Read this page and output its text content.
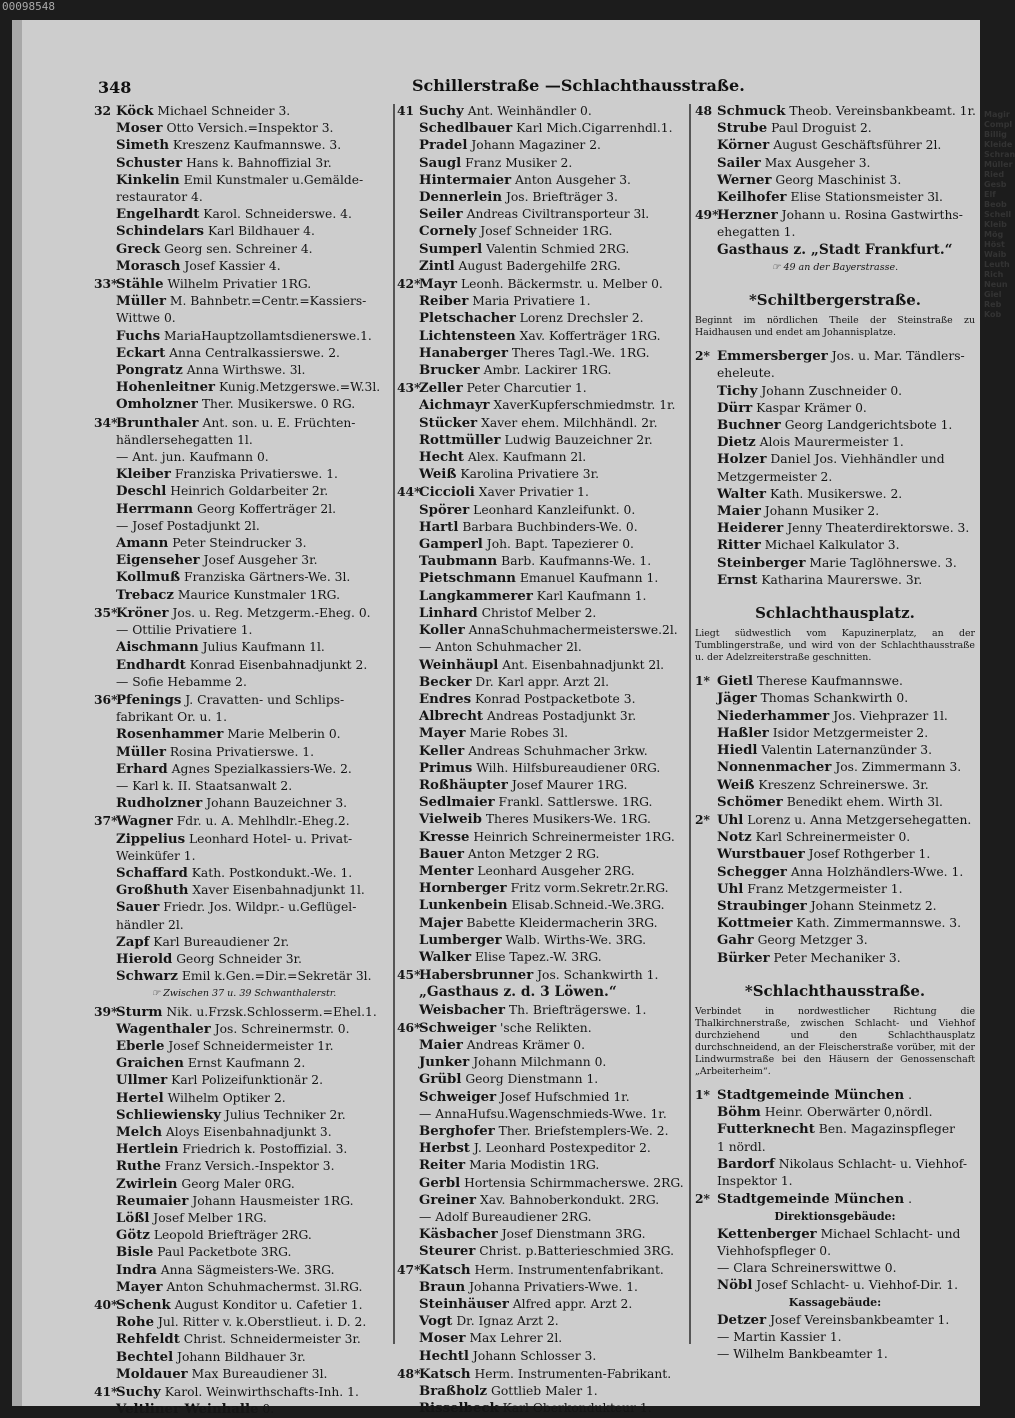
00098548
348	Schillerstraße —Schlachthausstraße.
32 Köck Michael Schneider 3.
Moser Otto Versich.=Inspektor 3.
Simeth Kreszenz Kaufmannswe. 3.
Schuster Hans k. Bahnoffizial 3r.
Kinkelin Emil Kunstmaler u.Gemälde-
restaurator 4.
Engelhardt Karol. Schneiderswe. 4.
Schindelars Karl Bildhauer 4.
Greck Georg sen. Schreiner 4.
Morasch Josef Kassier 4.
33*Stähle Wilhelm Privatier 1RG.
Müller M. Bahnbetr.=Centr.=Kassiers-
Wittwe 0.
Fuchs MariaHauptzollamtsdienerswe.1.
Eckart Anna Centralkassierswe. 2.
Pongratz Anna Wirthswe. 3l.
Hohenleitner Kunig.Metzgerswe.=W.3l.
Omholzner Ther. Musikerswe. 0 RG.
34*Brunthaler Ant. son. u. E. Früchten-
händlersehegatten 1l.
— Ant. jun. Kaufmann 0.
Kleiber Franziska Privatierswe. 1.
Deschl Heinrich Goldarbeiter 2r.
Herrmann Georg Kofferträger 2l.
— Josef Postadjunkt 2l.
Amann Peter Steindrucker 3.
Eigenseher Josef Ausgeher 3r.
Kollmuß Franziska Gärtners-We. 3l.
Trebacz Maurice Kunstmaler 1RG.
35*Kröner Jos. u. Reg. Metzgerm.-Eheg. 0.
— Ottilie Privatiere 1.
Aischmann Julius Kaufmann 1l.
Endhardt Konrad Eisenbahnadjunkt 2.
— Sofie Hebamme 2.
36*Pfenings J. Cravatten- und Schlips-
fabrikant Or. u. 1.
Rosenhammer Marie Melberin 0.
Müller Rosina Privatierswe. 1.
Erhard Agnes Spezialkassiers-We. 2.
— Karl k. II. Staatsanwalt 2.
Rudholzner Johann Bauzeichner 3.
37*Wagner Fdr. u. A. Mehlhdlr.-Eheg.2.
Zippelius Leonhard Hotel- u. Privat-
Weinküfer 1.
Schaffard Kath. Postkondukt.-We. 1.
Großhuth Xaver Eisenbahnadjunkt 1l.
Sauer Friedr. Jos. Wildpr.- u.Geflügel-
händler 2l.
Zapf Karl Bureaudiener 2r.
Hierold Georg Schneider 3r.
Schwarz Emil k.Gen.=Dir.=Sekretär 3l.
☞ Zwischen 37 u. 39 Schwanthalerstr.
39*Sturm Nik. u.Frzsk.Schlosserm.=Ehel.1.
Wagenthaler Jos. Schreinermstr. 0.
Eberle Josef Schneidermeister 1r.
Graichen Ernst Kaufmann 2.
Ullmer Karl Polizeifunktionär 2.
Hertel Wilhelm Optiker 2.
Schliewiensky Julius Techniker 2r.
Melch Aloys Eisenbahnadjunkt 3.
Hertlein Friedrich k. Postoffizial. 3.
Ruthe Franz Versich.-Inspektor 3.
Zwirlein Georg Maler 0RG.
Reumaier Johann Hausmeister 1RG.
Lößl Josef Melber 1RG.
Götz Leopold Briefträger 2RG.
Bisle Paul Packetbote 3RG.
Indra Anna Sägmeisters-We. 3RG.
Mayer Anton Schuhmachermst. 3l.RG.
40*Schenk August Konditor u. Cafetier 1.
Rohe Jul. Ritter v. k.Oberstlieut. i. D. 2.
Rehfeldt Christ. Schneidermeister 3r.
Bechtel Johann Bildhauer 3r.
Moldauer Max Bureaudiener 3l.
41*Suchy Karol. Weinwirthschafts-Inh. 1.
Veltliner Weinhalle 0.
41 Suchy Ant. Weinhändler 0.
Schedlbauer Karl Mich.Cigarrenhdl.1.
Pradel Johann Magaziner 2.
Saugl Franz Musiker 2.
Hintermaier Anton Ausgeher 3.
Dennerlein Jos. Briefträger 3.
Seiler Andreas Civiltransporteur 3l.
Cornely Josef Schneider 1RG.
Sumperl Valentin Schmied 2RG.
Zintl August Badergehilfe 2RG.
42*Mayr Leonh. Bäckermstr. u. Melber 0.
Reiber Maria Privatiere 1.
Pletschacher Lorenz Drechsler 2.
Lichtensteen Xav. Kofferträger 1RG.
Hanaberger Theres Tagl.-We. 1RG.
Brucker Ambr. Lackirer 1RG.
43*Zeller Peter Charcutier 1.
Aichmayr XaverKupferschmiedmstr. 1r.
Stücker Xaver ehem. Milchhändl. 2r.
Rottmüller Ludwig Bauzeichner 2r.
Hecht Alex. Kaufmann 2l.
Weiß Karolina Privatiere 3r.
44*Ciccioli Xaver Privatier 1.
Spörer Leonhard Kanzleifunkt. 0.
Hartl Barbara Buchbinders-We. 0.
Gamperl Joh. Bapt. Tapezierer 0.
Taubmann Barb. Kaufmanns-We. 1.
Pietschmann Emanuel Kaufmann 1.
Langkammerer Karl Kaufmann 1.
Linhard Christof Melber 2.
Koller AnnaSchuhmachermeisterswe.2l.
— Anton Schuhmacher 2l.
Weinhäupl Ant. Eisenbahnadjunkt 2l.
Becker Dr. Karl appr. Arzt 2l.
Endres Konrad Postpacketbote 3.
Albrecht Andreas Postadjunkt 3r.
Mayer Marie Robes 3l.
Keller Andreas Schuhmacher 3rkw.
Primus Wilh. Hilfsbureaudiener 0RG.
Roßhäupter Josef Maurer 1RG.
Sedlmaier Frankl. Sattlerswe. 1RG.
Vielweib Theres Musikers-We. 1RG.
Kresse Heinrich Schreinermeister 1RG.
Bauer Anton Metzger 2 RG.
Menter Leonhard Ausgeher 2RG.
Hornberger Fritz vorm.Sekretr.2r.RG.
Lunkenbein Elisab.Schneid.-We.3RG.
Majer Babette Kleidermacherin 3RG.
Lumberger Walb. Wirths-We. 3RG.
Walker Elise Tapez.-W. 3RG.
45*Habersbrunner Jos. Schankwirth 1.
„Gasthaus z. d. 3 Löwen.“
Weisbacher Th. Briefträgerswe. 1.
46*Schweiger 'sche Relikten.
Maier Andreas Krämer 0.
Junker Johann Milchmann 0.
Grübl Georg Dienstmann 1.
Schweiger Josef Hufschmied 1r.
— AnnaHufsu.Wagenschmieds-Wwe. 1r.
Berghofer Ther. Briefstemplers-We. 2.
Herbst J. Leonhard Postexpeditor 2.
Reiter Maria Modistin 1RG.
Gerbl Hortensia Schirmmacherswe. 2RG.
Greiner Xav. Bahnoberkondukt. 2RG.
— Adolf Bureaudiener 2RG.
Käsbacher Josef Dienstmann 3RG.
Steurer Christ. p.Batterieschmied 3RG.
47*Katsch Herm. Instrumentenfabrikant.
Braun Johanna Privatiers-Wwe. 1.
Steinhäuser Alfred appr. Arzt 2.
Vogt Dr. Ignaz Arzt 2.
Moser Max Lehrer 2l.
Hechtl Johann Schlosser 3.
48*Katsch Herm. Instrumenten-Fabrikant.
Braßholz Gottlieb Maler 1.
Risselbeck Karl Oberkondukteur 1.
48 Schmuck Theob. Vereinsbankbeamt. 1r.
Strube Paul Droguist 2.
Körner August Geschäftsführer 2l.
Sailer Max Ausgeher 3.
Werner Georg Maschinist 3.
Keilhofer Elise Stationsmeister 3l.
49*Herzner Johann u. Rosina Gastwirths-
ehegatten 1.
Gasthaus z. „Stadt Frankfurt.“
☞ 49 an der Bayerstrasse.
*Schiltbergerstraße.
Beginnt im nördlichen Theile der Steinstraße zu Haidhausen und endet am Johannisplatze.
2* Emmersberger Jos. u. Mar. Tändlers-
eheleute.
Tichy Johann Zuschneider 0.
Dürr Kaspar Krämer 0.
Buchner Georg Landgerichtsbote 1.
Dietz Alois Maurermeister 1.
Holzer Daniel Jos. Viehhändler und
Metzgermeister 2.
Walter Kath. Musikerswe. 2.
Maier Johann Musiker 2.
Heiderer Jenny Theaterdirektorswe. 3.
Ritter Michael Kalkulator 3.
Steinberger Marie Taglöhnerswe. 3.
Ernst Katharina Maurerswe. 3r.
Schlachthausplatz.
Liegt südwestlich vom Kapuzinerplatz, an der Tumblingerstraße, und wird von der Schlachthausstraße u. der Adelzreiterstraße geschnitten.
1* Gietl Therese Kaufmannswe.
Jäger Thomas Schankwirth 0.
Niederhammer Jos. Viehprazer 1l.
Haßler Isidor Metzgermeister 2.
Hiedl Valentin Laternanzünder 3.
Nonnenmacher Jos. Zimmermann 3.
Weiß Kreszenz Schreinerswe. 3r.
Schömer Benedikt ehem. Wirth 3l.
2* Uhl Lorenz u. Anna Metzgersehegatten.
Notz Karl Schreinermeister 0.
Wurstbauer Josef Rothgerber 1.
Schegger Anna Holzhändlers-Wwe. 1.
Uhl Franz Metzgermeister 1.
Straubinger Johann Steinmetz 2.
Kottmeier Kath. Zimmermannswe. 3.
Gahr Georg Metzger 3.
Bürker Peter Mechaniker 3.
*Schlachthausstraße.
Verbindet in nordwestlicher Richtung die Thalkirchnerstraße, zwischen Schlacht- und Viehhof durchziehend und den Schlachthausplatz durchschneidend, an der Fleischerstraße vorüber, mit der Lindwurmstraße bei den Häusern der Genossenschaft „Arbeiterheim“.
1* Stadtgemeinde München .
Böhm Heinr. Oberwärter 0,nördl.
Futterknecht Ben. Magazinspfleger
1 nördl.
Bardorf Nikolaus Schlacht- u. Viehhof-
Inspektor 1.
2* Stadtgemeinde München .
Direktionsgebäude:
Kettenberger Michael Schlacht- und
Viehhofspfleger 0.
— Clara Schreinerswittwe 0.
Nöbl Josef Schlacht- u. Viehhof-Dir. 1.
Kassagebäude:
Detzer Josef Vereinsbankbeamter 1.
— Martin Kassier 1.
— Wilhelm Bankbeamter 1.
Magir Compl Billig Kleide Schran Müller Ried Gesb Elf Beob Schell Kleib Mög Höst Waib Leuth Rich Neun Giel Reb Kob
